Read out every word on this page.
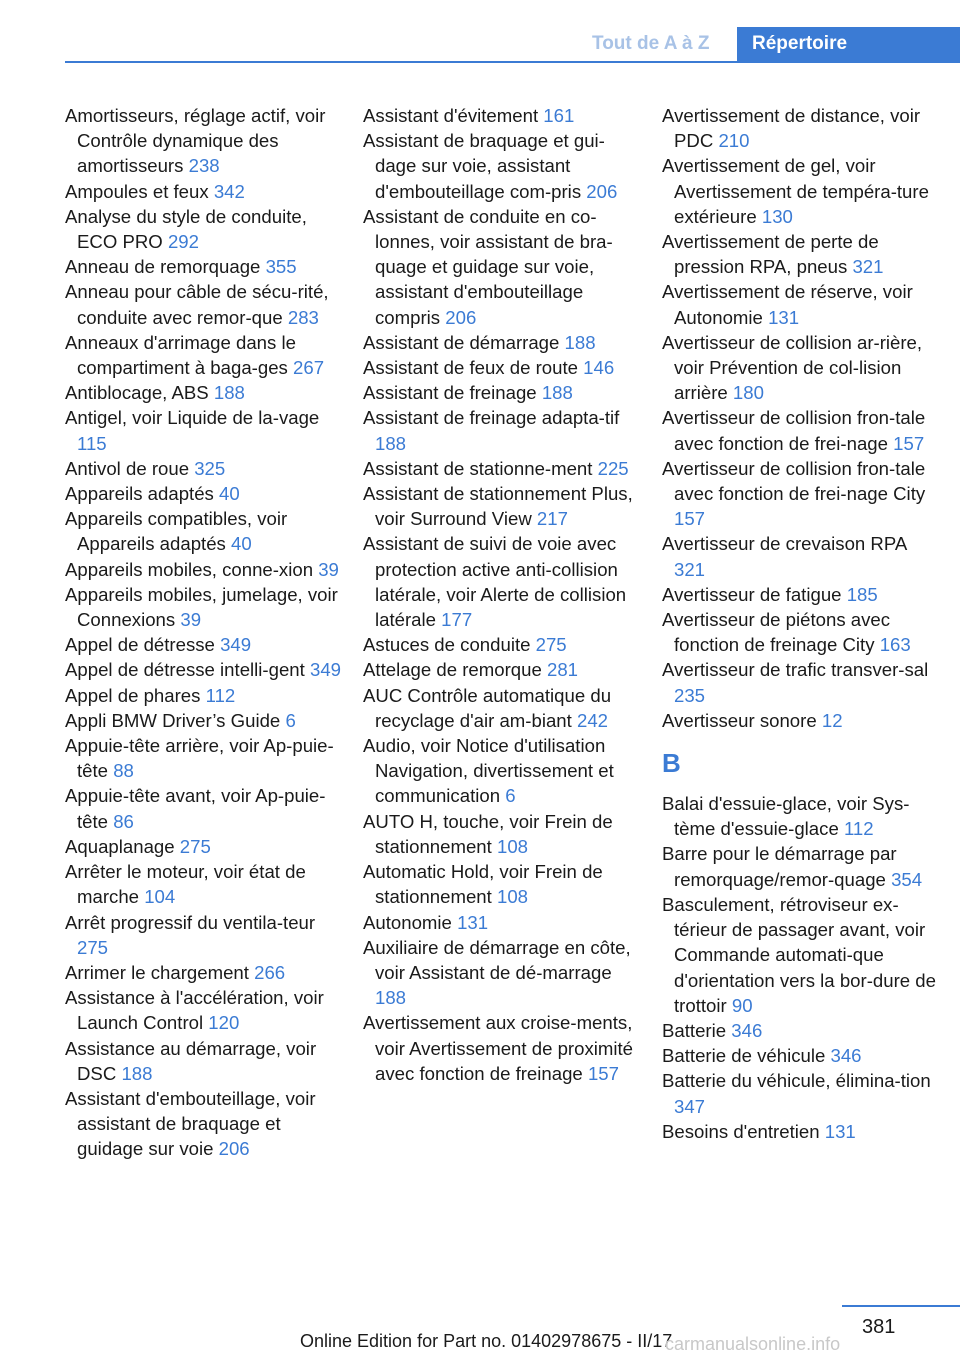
Tout de A à Z	Répertoire
Amortisseurs, réglage actif, voir Contrôle dynamique des amortisseurs 238
Ampoules et feux 342
Analyse du style de conduite, ECO PRO 292
Anneau de remorquage 355
Anneau pour câble de sécu‐rité, conduite avec remor‐que 283
Anneaux d'arrimage dans le compartiment à baga‐ges 267
Antiblocage, ABS 188
Antigel, voir Liquide de la‐vage 115
Antivol de roue 325
Appareils adaptés 40
Appareils compatibles, voir Appareils adaptés 40
Appareils mobiles, conne‐xion 39
Appareils mobiles, jumelage, voir Connexions 39
Appel de détresse 349
Appel de détresse intelli‐gent 349
Appel de phares 112
Appli BMW Driver’s Guide 6
Appuie-tête arrière, voir Ap‐puie-tête 88
Appuie-tête avant, voir Ap‐puie-tête 86
Aquaplanage 275
Arrêter le moteur, voir état de marche 104
Arrêt progressif du ventila‐teur 275
Arrimer le chargement 266
Assistance à l'accélération, voir Launch Control 120
Assistance au démarrage, voir DSC 188
Assistant d'embouteillage, voir assistant de braquage et guidage sur voie 206
Assistant d'évitement 161
Assistant de braquage et gui‐dage sur voie, assistant d'embouteillage com‐pris 206
Assistant de conduite en co‐lonnes, voir assistant de bra‐quage et guidage sur voie, assistant d'embouteillage compris 206
Assistant de démarrage 188
Assistant de feux de route 146
Assistant de freinage 188
Assistant de freinage adapta‐tif 188
Assistant de stationne‐ment 225
Assistant de stationnement Plus, voir Surround View 217
Assistant de suivi de voie avec protection active anti‐collision latérale, voir Alerte de collision latérale 177
Astuces de conduite 275
Attelage de remorque 281
AUC Contrôle automatique du recyclage d'air am‐biant 242
Audio, voir Notice d'utilisation Navigation, divertissement et communication 6
AUTO H, touche, voir Frein de stationnement 108
Automatic Hold, voir Frein de stationnement 108
Autonomie 131
Auxiliaire de démarrage en côte, voir Assistant de dé‐marrage 188
Avertissement aux croise‐ments, voir Avertissement de proximité avec fonction de freinage 157
Avertissement de distance, voir PDC 210
Avertissement de gel, voir Avertissement de tempéra‐ture extérieure 130
Avertissement de perte de pression RPA, pneus 321
Avertissement de réserve, voir Autonomie 131
Avertisseur de collision ar‐rière, voir Prévention de col‐lision arrière 180
Avertisseur de collision fron‐tale avec fonction de frei‐nage 157
Avertisseur de collision fron‐tale avec fonction de frei‐nage City 157
Avertisseur de crevaison RPA 321
Avertisseur de fatigue 185
Avertisseur de piétons avec fonction de freinage City 163
Avertisseur de trafic transver‐sal 235
Avertisseur sonore 12
B
Balai d'essuie-glace, voir Sys‐tème d'essuie-glace 112
Barre pour le démarrage par remorquage/remor‐quage 354
Basculement, rétroviseur ex‐térieur de passager avant, voir Commande automati‐que d'orientation vers la bor‐dure de trottoir 90
Batterie 346
Batterie de véhicule 346
Batterie du véhicule, élimina‐tion 347
Besoins d'entretien 131
381
Online Edition for Part no. 01402978675 - II/17
carmanualsonline.info
